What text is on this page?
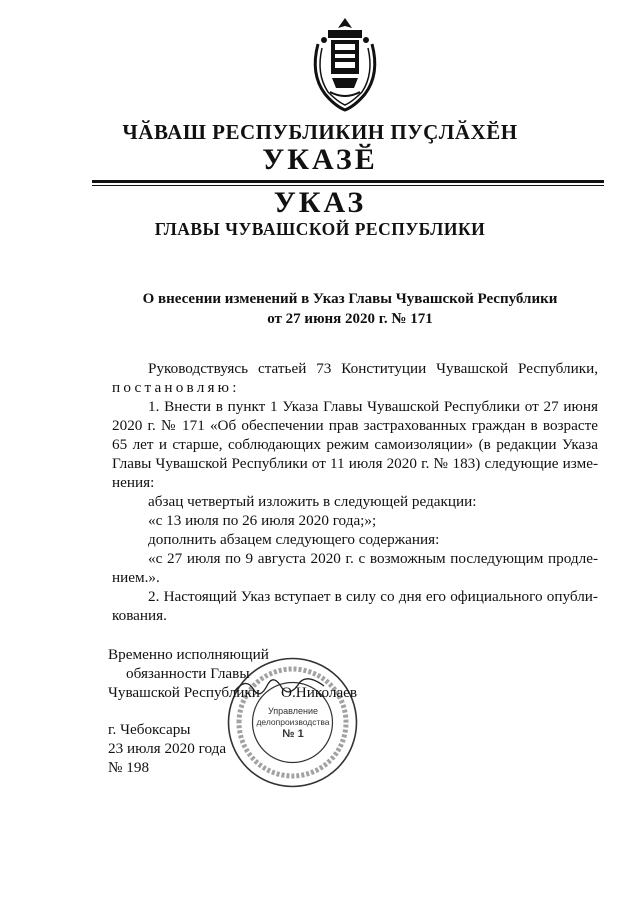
ЧӐВАШ РЕСПУБЛИКИН ПУҪЛӐХӖН
УКАЗӖ
УКАЗ
ГЛАВЫ ЧУВАШСКОЙ РЕСПУБЛИКИ
О внесении изменений в Указ Главы Чувашской Республики
от 27 июня 2020 г. № 171
Руководствуясь статьей 73 Конституции Чувашской Республики,
постановляю:
1. Внести в пункт 1 Указа Главы Чувашской Республики от 27 июня
2020 г. № 171 «Об обеспечении прав застрахованных граждан в возрасте
65 лет и старше, соблюдающих режим самоизоляции» (в редакции Указа
Главы Чувашской Республики от 11 июля 2020 г. № 183) следующие изме-
нения:
абзац четвертый изложить в следующей редакции:
«с 13 июля по 26 июля 2020 года;»;
дополнить абзацем следующего содержания:
«с 27 июля по 9 августа 2020 г. с возможным последующим продле-
нием.».
2. Настоящий Указ вступает в силу со дня его официального опубли-
кования.
Управление
делопроизводства
№ 1
Временно исполняющий
обязанности Главы
Чувашской Республики О.Николаев
г. Чебоксары
23 июля 2020 года
№ 198
